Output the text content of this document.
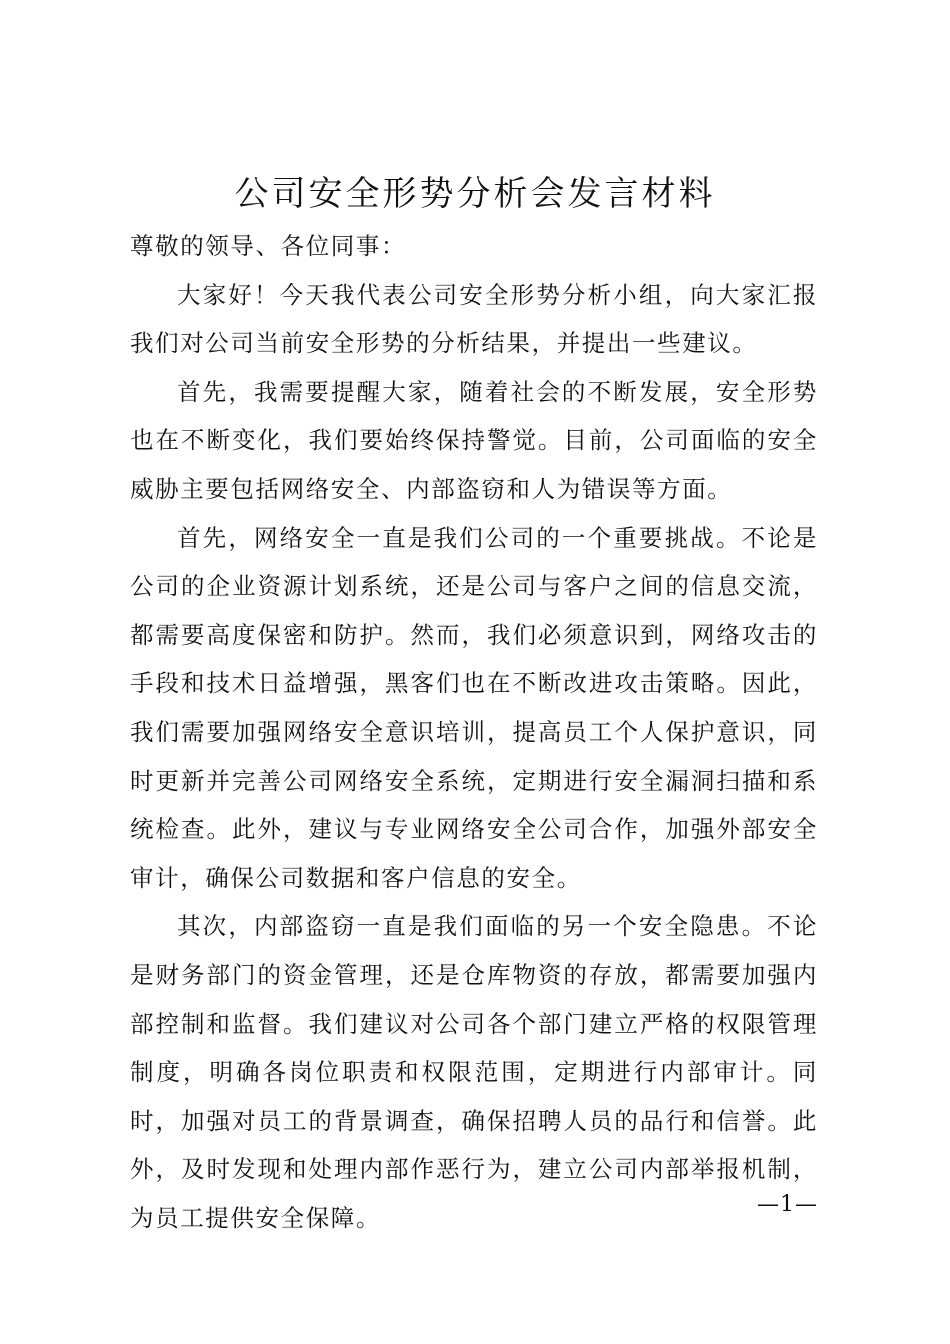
公司安全形势分析会发言材料

尊敬的领导、各位同事：

大家好！今天我代表公司安全形势分析小组，向大家汇报我们对公司当前安全形势的分析结果，并提出一些建议。

首先，我需要提醒大家，随着社会的不断发展，安全形势也在不断变化，我们要始终保持警觉。目前，公司面临的安全威胁主要包括网络安全、内部盗窃和人为错误等方面。

首先，网络安全一直是我们公司的一个重要挑战。不论是公司的企业资源计划系统，还是公司与客户之间的信息交流，都需要高度保密和防护。然而，我们必须意识到，网络攻击的手段和技术日益增强，黑客们也在不断改进攻击策略。因此，我们需要加强网络安全意识培训，提高员工个人保护意识，同时更新并完善公司网络安全系统，定期进行安全漏洞扫描和系统检查。此外，建议与专业网络安全公司合作，加强外部安全审计，确保公司数据和客户信息的安全。

其次，内部盗窃一直是我们面临的另一个安全隐患。不论是财务部门的资金管理，还是仓库物资的存放，都需要加强内部控制和监督。我们建议对公司各个部门建立严格的权限管理制度，明确各岗位职责和权限范围，定期进行内部审计。同时，加强对员工的背景调查，确保招聘人员的品行和信誉。此外，及时发现和处理内部作恶行为，建立公司内部举报机制，为员工提供安全保障。	—1—
